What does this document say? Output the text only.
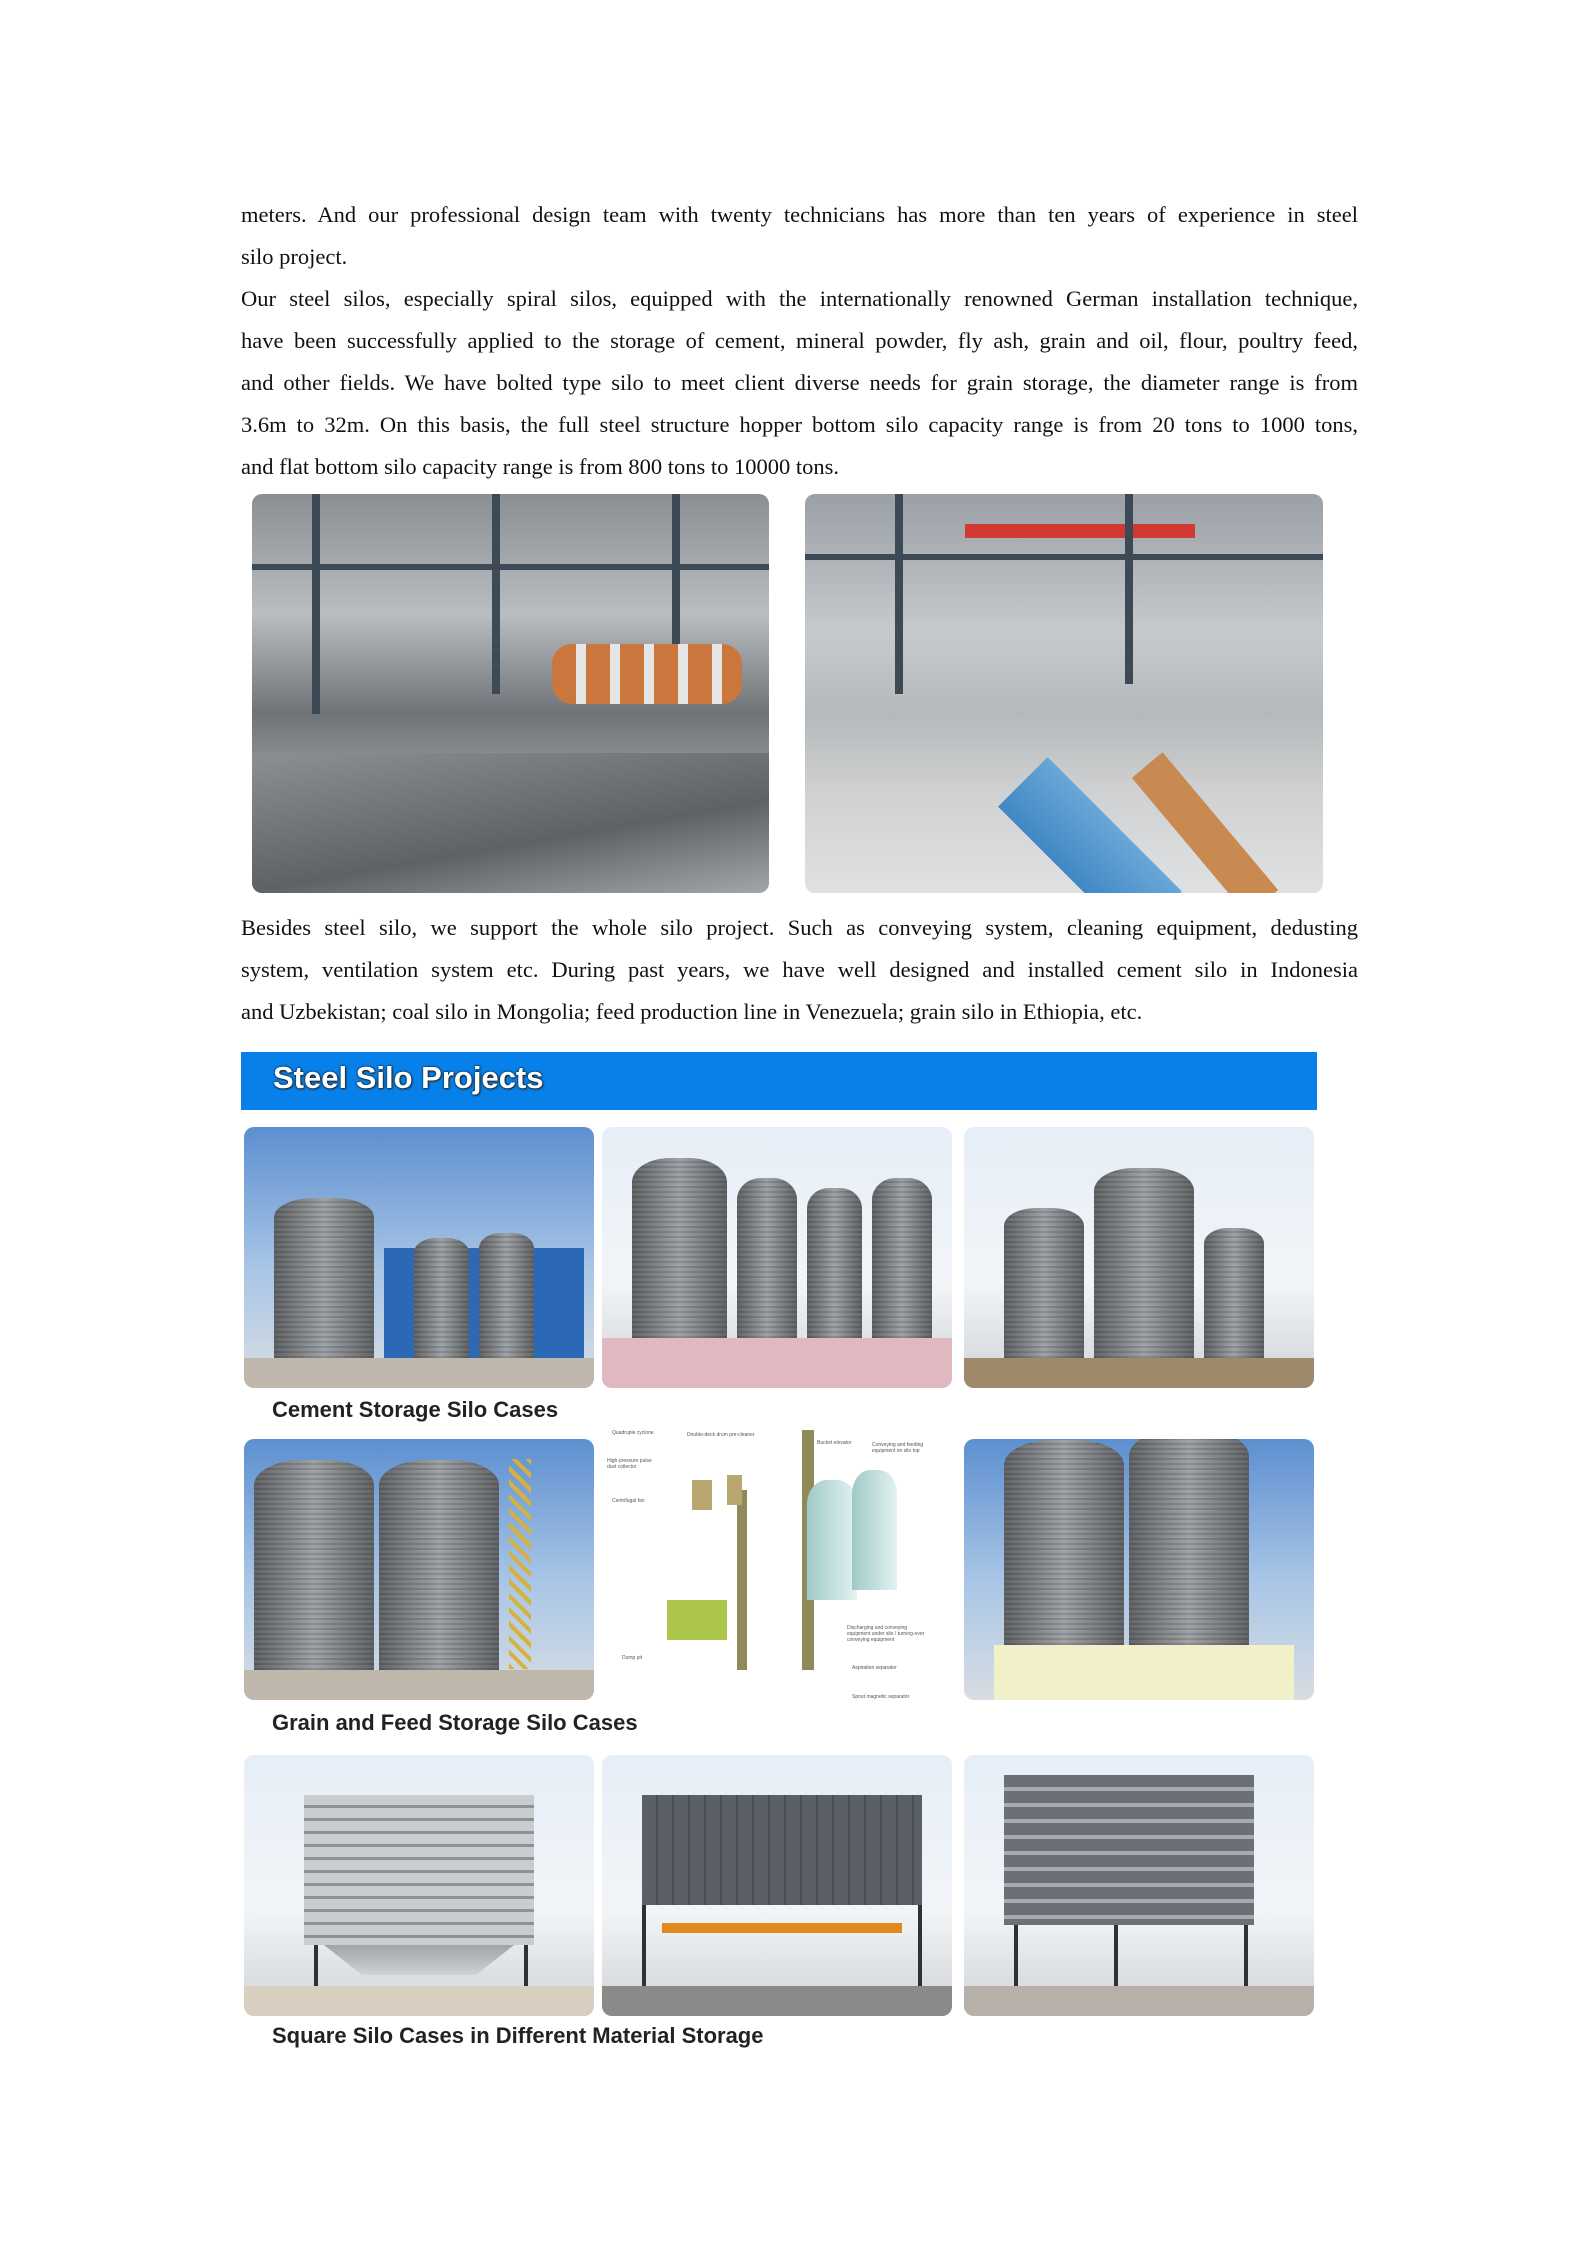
meters. And our professional design team with twenty technicians has more than ten years of experience in steel
silo project.
Our steel silos, especially spiral silos, equipped with the internationally renowned German installation technique,
have been successfully applied to the storage of cement, mineral powder, fly ash, grain and oil, flour, poultry feed,
and other fields. We have bolted type silo to meet client diverse needs for grain storage, the diameter range is from
3.6m to 32m. On this basis, the full steel structure hopper bottom silo capacity range is from 20 tons to 1000 tons,
and flat bottom silo capacity range is from 800 tons to 10000 tons.
Besides steel silo, we support the whole silo project. Such as conveying system, cleaning equipment, dedusting
system, ventilation system etc. During past years, we have well designed and installed cement silo in Indonesia
and Uzbekistan; coal silo in Mongolia; feed production line in Venezuela; grain silo in Ethiopia, etc.
Steel Silo Projects
Cement Storage Silo Cases
Quadruple cyclone	Double-deck drum pre-cleaner
Bucket elevator	Conveying and feeding equipment on silo top
High-pressure pulse dust collector
Centrifugal fan
Discharging and conveying equipment under silo / turning-over conveying equipment
Dump pit
Aspiration separator
Spout magnetic separator
Grain and Feed Storage Silo Cases
Square Silo Cases in Different Material Storage
